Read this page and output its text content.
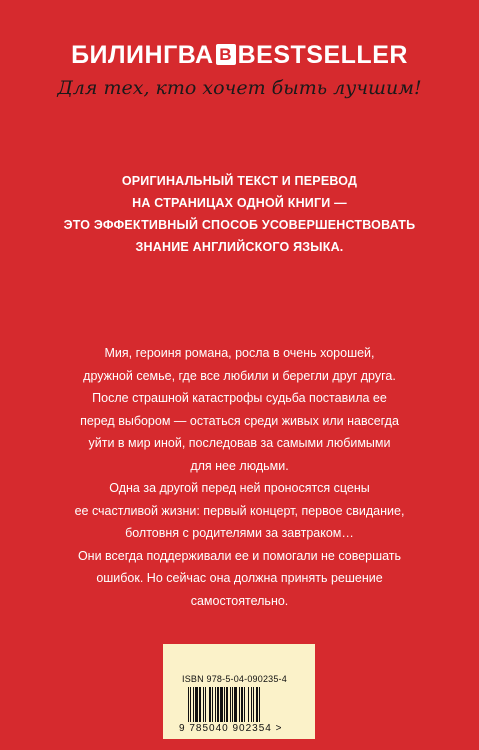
БИЛИНГВА B BESTSELLER
Для тех, кто хочет быть лучшим!
ОРИГИНАЛЬНЫЙ ТЕКСТ И ПЕРЕВОД
НА СТРАНИЦАХ ОДНОЙ КНИГИ —
ЭТО ЭФФЕКТИВНЫЙ СПОСОБ УСОВЕРШЕНСТВОВАТЬ
ЗНАНИЕ АНГЛИЙСКОГО ЯЗЫКА.
Мия, героиня романа, росла в очень хорошей,
дружной семье, где все любили и берегли друг друга.
После страшной катастрофы судьба поставила ее
перед выбором — остаться среди живых или навсегда
уйти в мир иной, последовав за самыми любимыми
для нее людьми.
Одна за другой перед ней проносятся сцены
ее счастливой жизни: первый концерт, первое свидание,
болтовня с родителями за завтраком…
Они всегда поддерживали ее и помогали не совершать
ошибок. Но сейчас она должна принять решение
самостоятельно.
ISBN 978-5-04-090235-4
9 785040 902354 >
